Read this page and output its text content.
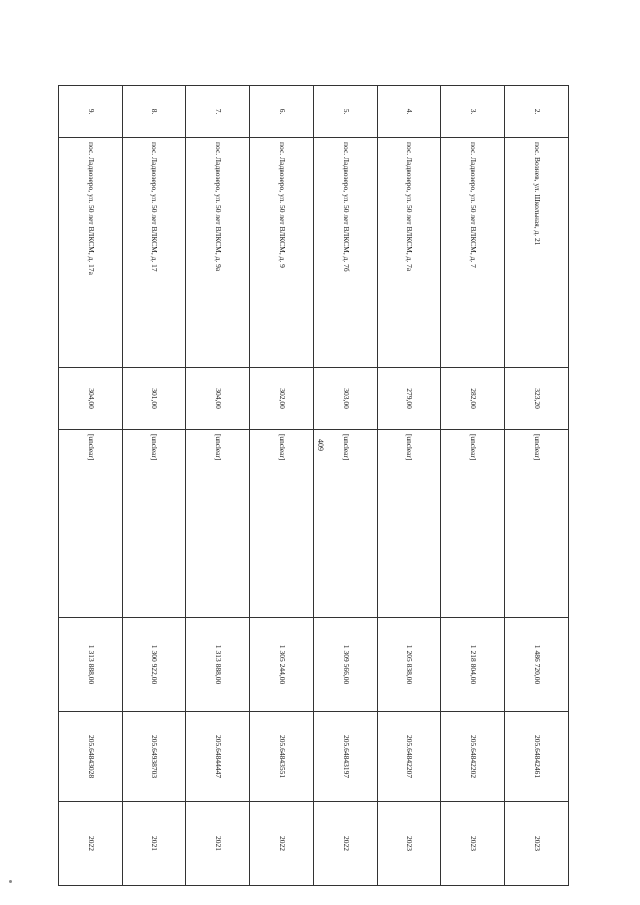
409
2.	пос. Вознев, ул. Школьная, д. 21	323,20	[unclear]	1 486 720,00	205.64842461	2023
3.	пос. Ладвозеро, ул. 50 лет ВЛКСМ, д. 7	282,00	[unclear]	1 218 804,00	205.64842202	2023
4.	пос. Ладвозеро, ул. 50 лет ВЛКСМ, д. 7а	279,00	[unclear]	1 205 838,00	205.64842207	2023
5.	пос. Ладвозеро, ул. 50 лет ВЛКСМ, д. 7б	303,00	[unclear]	1 309 566,00	205.64843197	2022
6.	пос. Ладвозеро, ул. 50 лет ВЛКСМ, д. 9	302,00	[unclear]	1 305 244,00	205.64843551	2022
7.	пос. Ладвозеро, ул. 50 лет ВЛКСМ, д. 9а	304,00	[unclear]	1 313 888,00	205.64844447	2021
8.	пос. Ладвозеро, ул. 50 лет ВЛКСМ, д. 17	301,00	[unclear]	1 300 922,00	205.64938703	2021
9.	пос. Ладвозеро, ул. 50 лет ВЛКСМ, д. 17а	304,00	[unclear]	1 313 888,00	205.64843028	2022
